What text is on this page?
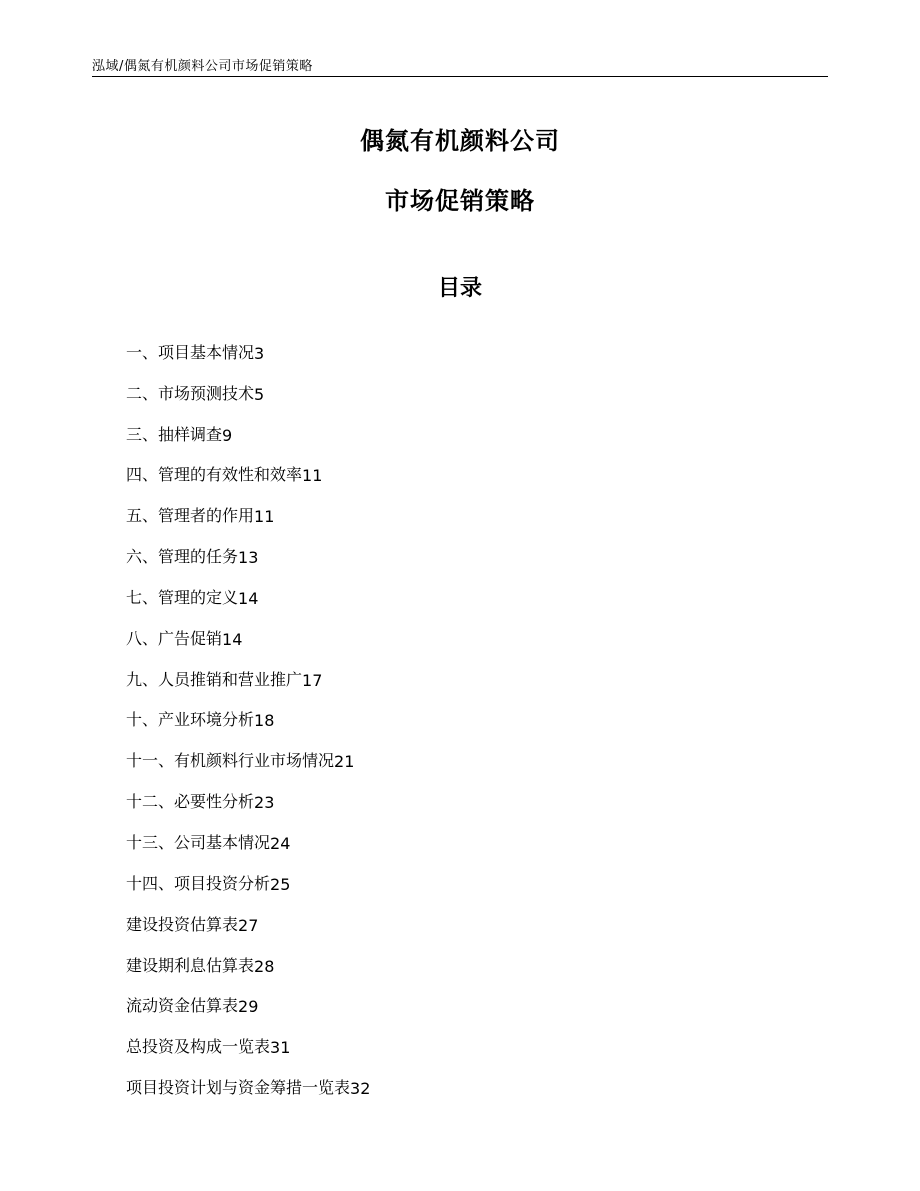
泓域/偶氮有机颜料公司市场促销策略
偶氮有机颜料公司
市场促销策略
目录
一、 项目基本情况 3
二、 市场预测技术 5
三、 抽样调查 9
四、 管理的有效性和效率 11
五、 管理者的作用 11
六、 管理的任务 13
七、 管理的定义 14
八、 广告促销 14
九、 人员推销和营业推广 17
十、 产业环境分析 18
十一、 有机颜料行业市场情况 21
十二、 必要性分析 23
十三、 公司基本情况 24
十四、 项目投资分析 25
建设投资估算表 27
建设期利息估算表 28
流动资金估算表 29
总投资及构成一览表 31
项目投资计划与资金筹措一览表 32
